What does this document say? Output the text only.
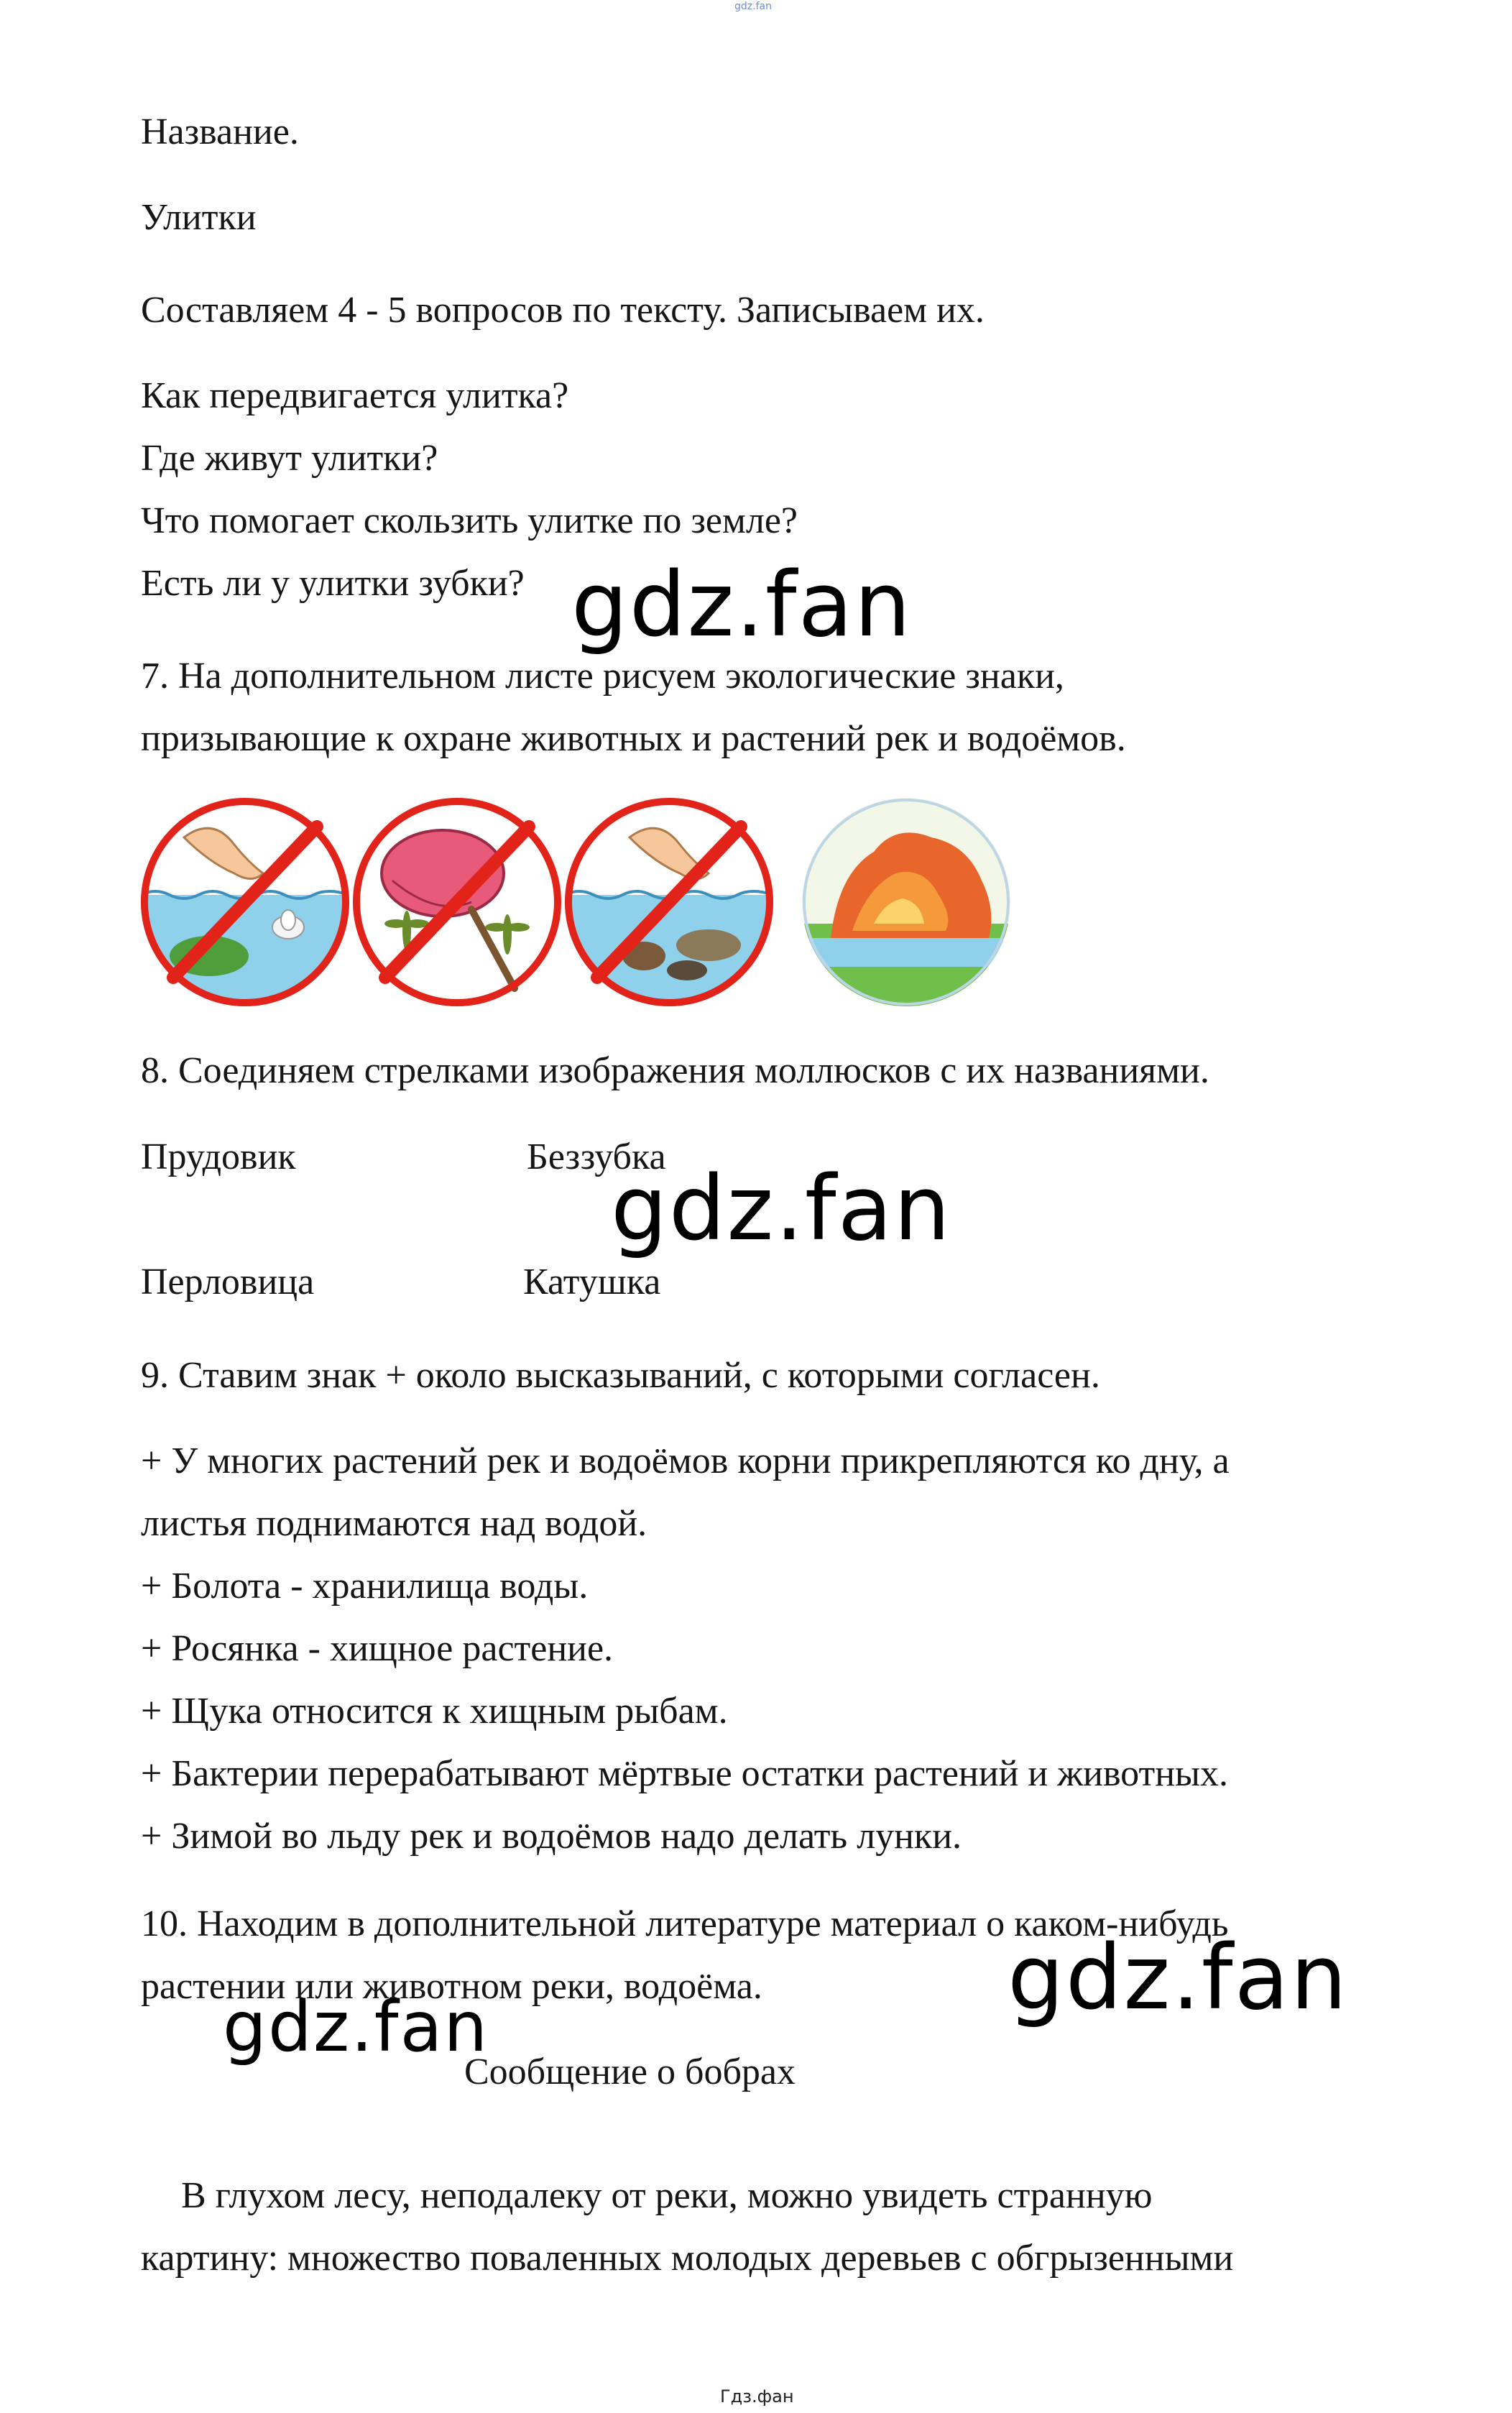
gdz.fan
Название.
Улитки
Составляем 4 - 5 вопросов по тексту. Записываем их.
Как передвигается улитка?
Где живут улитки?
Что помогает скользить улитке по земле?
Есть ли у улитки зубки? gdz.fan
7. На дополнительном листе рисуем экологические знаки,
призывающие к охране животных и растений рек и водоёмов.
8. Соединяем стрелками изображения моллюсков с их названиями.
Прудовик	Беззубка
gdz.fan
Перловица	Катушка
9. Ставим знак + около высказываний, с которыми согласен.
+ У многих растений рек и водоёмов корни прикрепляются ко дну, а
листья поднимаются над водой.
+ Болота - хранилища воды.
+ Росянка - хищное растение.
+ Щука относится к хищным рыбам.
+ Бактерии перерабатывают мёртвые остатки растений и животных.
+ Зимой во льду рек и водоёмов надо делать лунки.
10. Находим в дополнительной литературе материал о каком-нибудь
растении или животном реки, водоёма.	gdz.fan
gdz.fan
Сообщение о бобрах
В глухом лесу, неподалеку от реки, можно увидеть странную
картину: множество поваленных молодых деревьев с обгрызенными
Гдз.фан
